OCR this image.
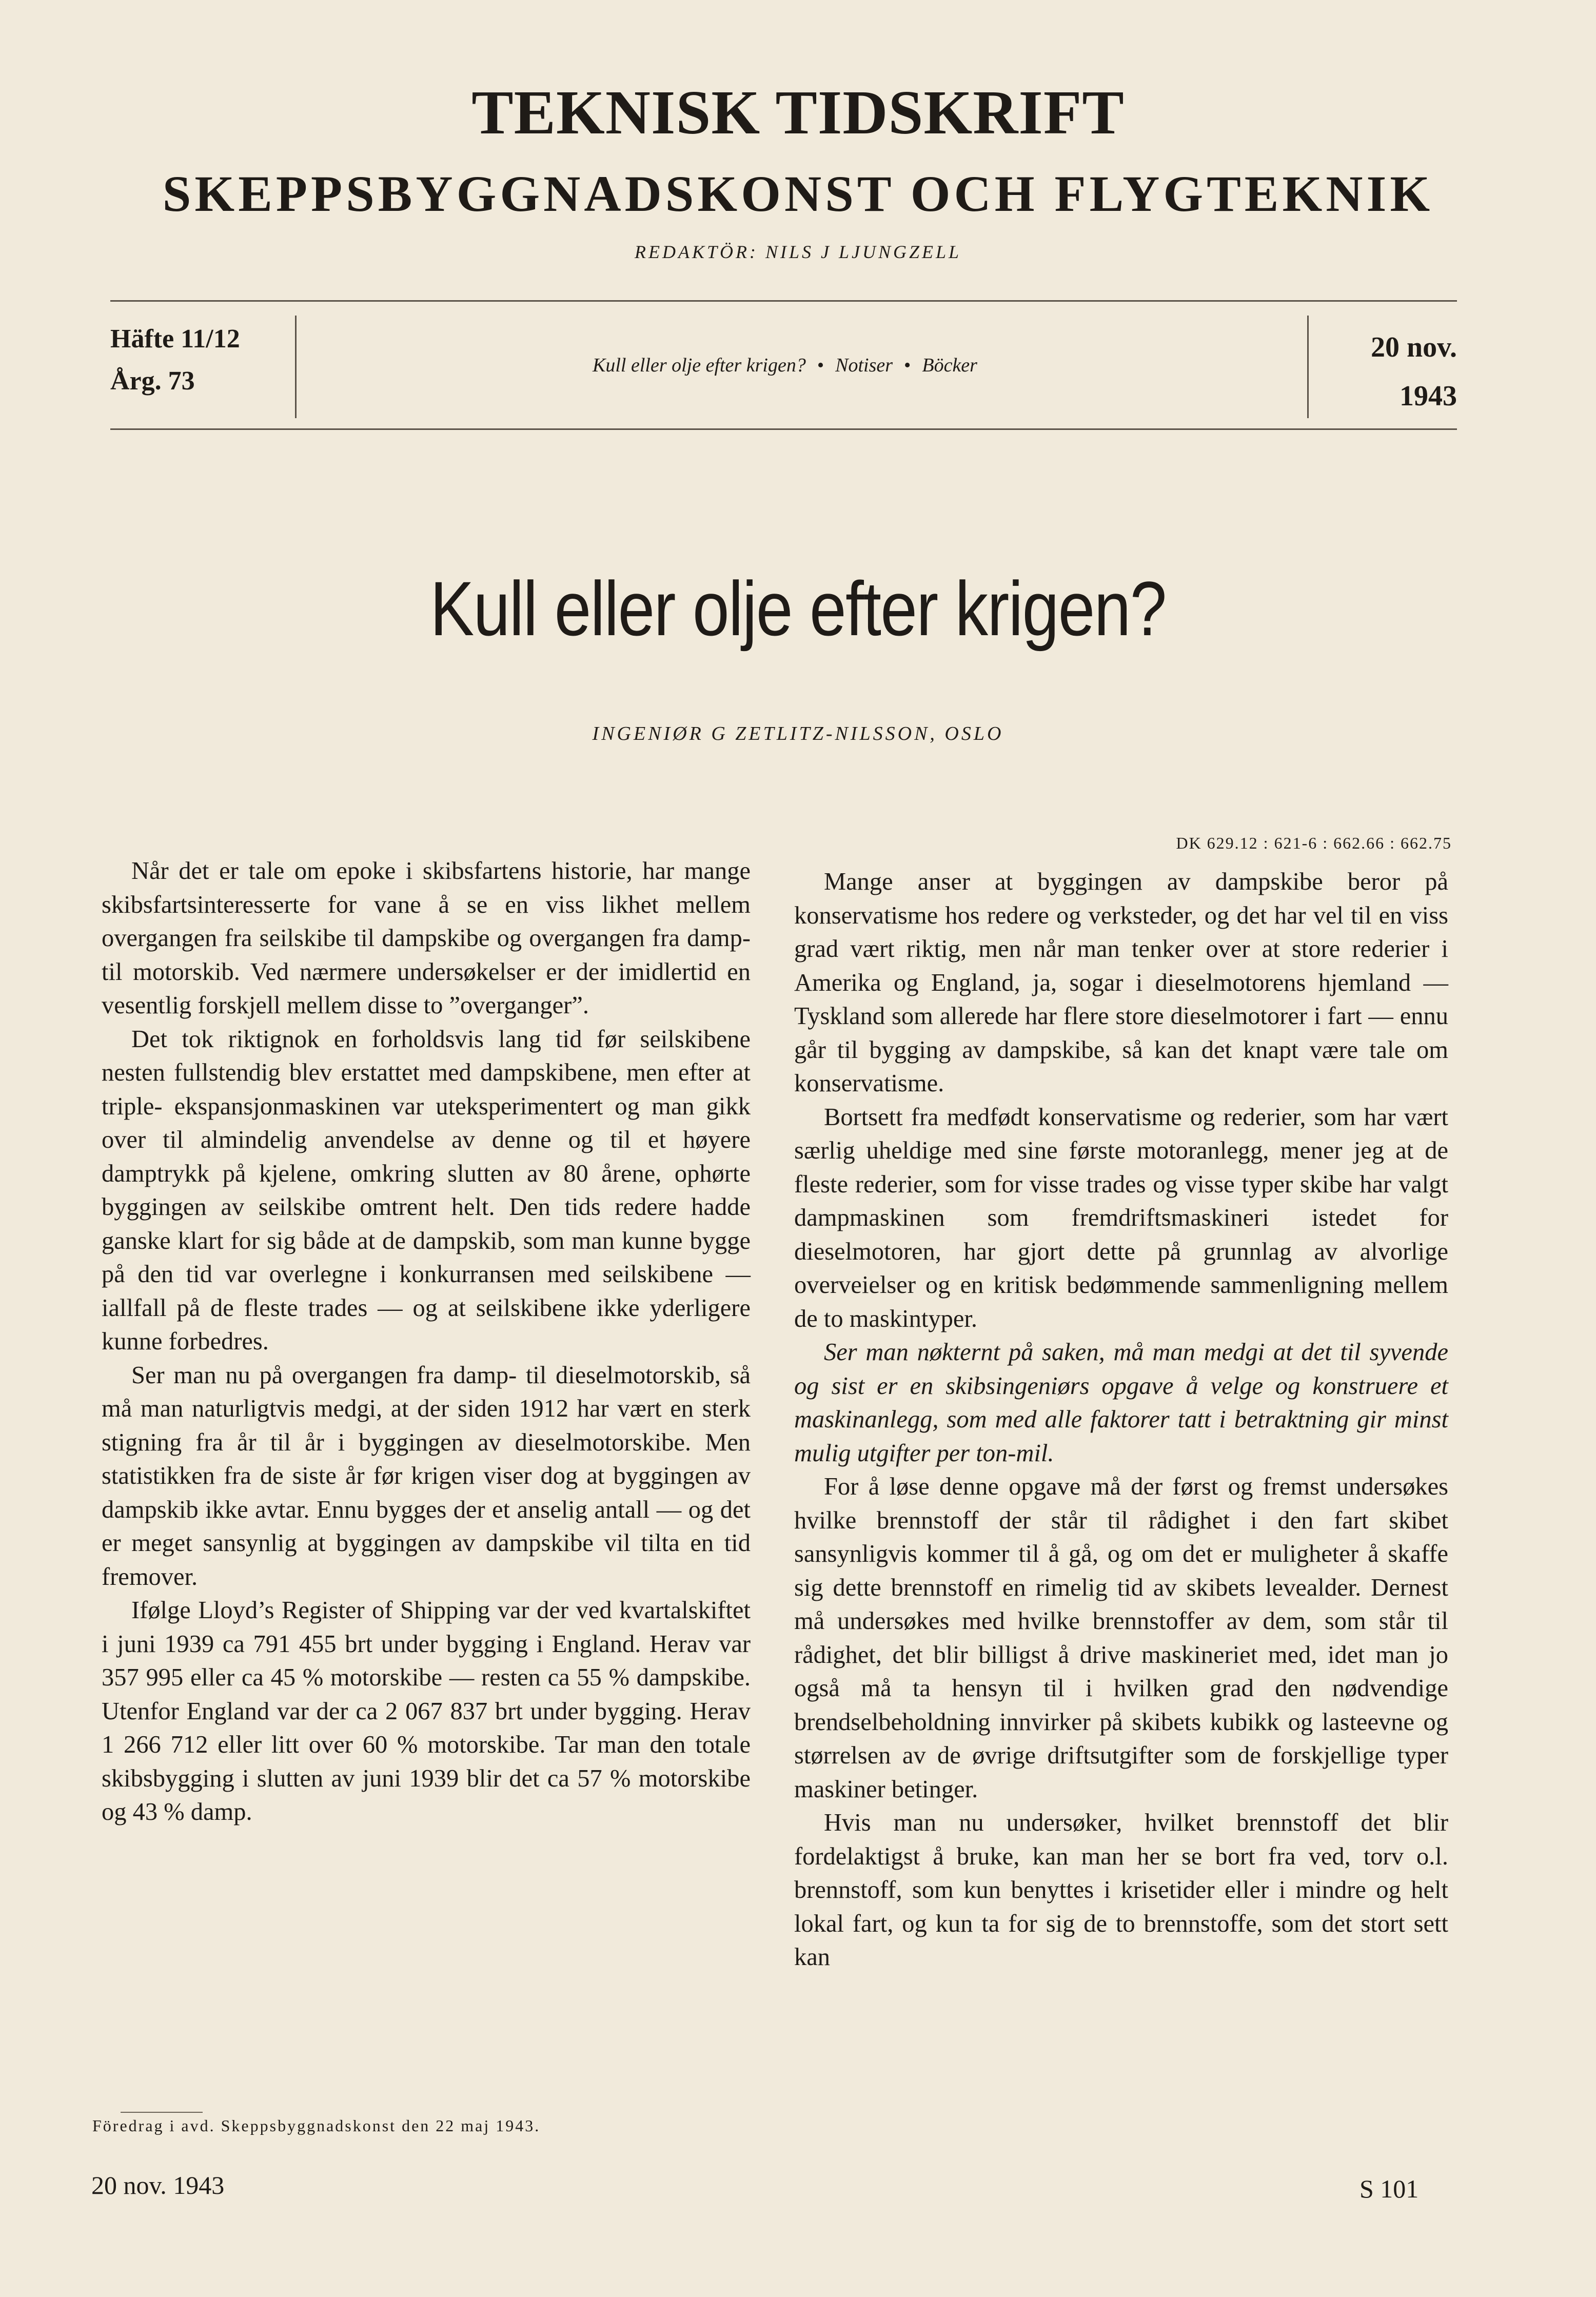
TEKNISK TIDSKRIFT
SKEPPSBYGGNADSKONST OCH FLYGTEKNIK
REDAKTÖR: NILS J LJUNGZELL
Häfte 11/12
Årg. 73
Kull eller olje efter krigen? • Notiser • Böcker
20 nov.
1943
Kull eller olje efter krigen?
INGENIØR G ZETLITZ-NILSSON, OSLO
DK 629.12 : 621-6 : 662.66 : 662.75

Når det er tale om epoke i skibsfartens historie, har mange skibsfartsinteresserte for vane å se en viss likhet mellem overgangen fra seilskibe til dampskibe og overgangen fra damp- til motorskib. Ved nærmere undersøkelser er der imidlertid en vesentlig forskjell mellem disse to ”overganger”.

Det tok riktignok en forholdsvis lang tid før seilskibene nesten fullstendig blev erstattet med dampskibene, men efter at triple- ekspansjonmaskinen var uteksperimentert og man gikk over til almindelig anvendelse av denne og til et høyere damptrykk på kjelene, omkring slutten av 80 årene, ophørte byggingen av seilskibe omtrent helt. Den tids redere hadde ganske klart for sig både at de dampskib, som man kunne bygge på den tid var overlegne i konkurransen med seilskibene — iallfall på de fleste trades — og at seilskibene ikke yderligere kunne forbedres.

Ser man nu på overgangen fra damp- til dieselmotorskib, så må man naturligtvis medgi, at der siden 1912 har vært en sterk stigning fra år til år i byggingen av dieselmotorskibe. Men statistikken fra de siste år før krigen viser dog at byggingen av dampskib ikke avtar. Ennu bygges der et anselig antall — og det er meget sansynlig at byggingen av dampskibe vil tilta en tid fremover.

Ifølge Lloyd’s Register of Shipping var der ved kvartalskiftet i juni 1939 ca 791 455 brt under bygging i England. Herav var 357 995 eller ca 45 % motorskibe — resten ca 55 % dampskibe. Utenfor England var der ca 2 067 837 brt under bygging. Herav 1 266 712 eller litt over 60 % motorskibe. Tar man den totale skibsbygging i slutten av juni 1939 blir det ca 57 % motorskibe og 43 % damp.

Föredrag i avd. Skeppsbyggnadskonst den 22 maj 1943.

Mange anser at byggingen av dampskibe beror på konservatisme hos redere og verksteder, og det har vel til en viss grad vært riktig, men når man tenker over at store rederier i Amerika og England, ja, sogar i dieselmotorens hjemland — Tyskland som allerede har flere store dieselmotorer i fart — ennu går til bygging av dampskibe, så kan det knapt være tale om konservatisme.

Bortsett fra medfødt konservatisme og rederier, som har vært særlig uheldige med sine første motoranlegg, mener jeg at de fleste rederier, som for visse trades og visse typer skibe har valgt dampmaskinen som fremdriftsmaskineri istedet for dieselmotoren, har gjort dette på grunnlag av alvorlige overveielser og en kritisk bedømmende sammenligning mellem de to maskintyper.

Ser man nøkternt på saken, må man medgi at det til syvende og sist er en skibsingeniørs opgave å velge og konstruere et maskinanlegg, som med alle faktorer tatt i betraktning gir minst mulig utgifter per ton-mil.

For å løse denne opgave må der først og fremst undersøkes hvilke brennstoff der står til rådighet i den fart skibet sansynligvis kommer til å gå, og om det er muligheter å skaffe sig dette brennstoff en rimelig tid av skibets levealder. Dernest må undersøkes med hvilke brennstoffer av dem, som står til rådighet, det blir billigst å drive maskineriet med, idet man jo også må ta hensyn til i hvilken grad den nødvendige brendselbeholdning innvirker på skibets kubikk og lasteevne og størrelsen av de øvrige driftsutgifter som de forskjellige typer maskiner betinger.

Hvis man nu undersøker, hvilket brennstoff det blir fordelaktigst å bruke, kan man her se bort fra ved, torv o.l. brennstoff, som kun benyttes i krisetider eller i mindre og helt lokal fart, og kun ta for sig de to brennstoffe, som det stort sett kan

20 nov. 1943	S 101
